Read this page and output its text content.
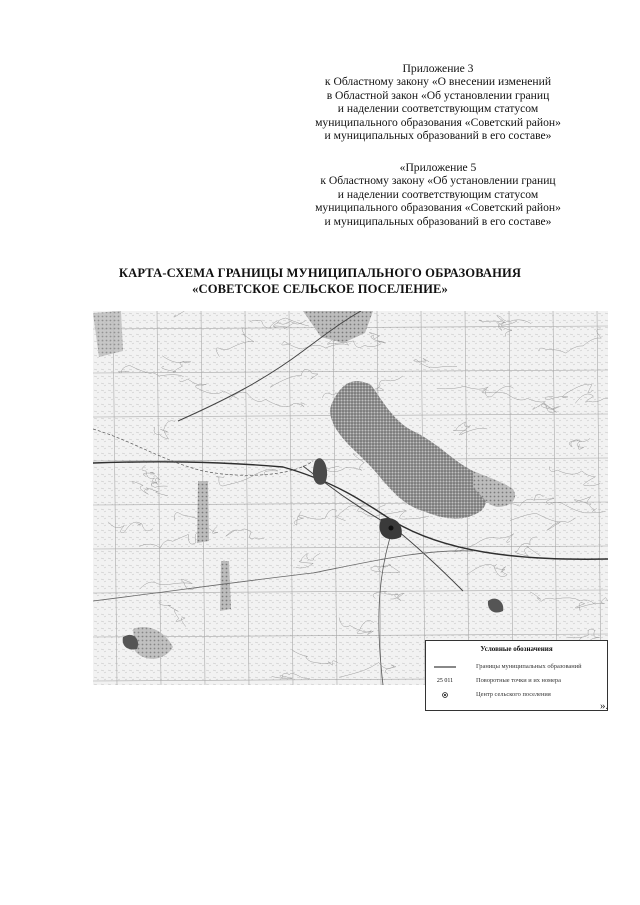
Приложение 3
к Областному закону «О внесении изменений
в Областной закон «Об установлении границ
и наделении соответствующим статусом
муниципального образования «Советский район»
и муниципальных образований в его составе»
«Приложение 5
к Областному закону «Об установлении границ
и наделении соответствующим статусом
муниципального образования «Советский район»
и муниципальных образований в его составе»
КАРТА-СХЕМА ГРАНИЦЫ МУНИЦИПАЛЬНОГО ОБРАЗОВАНИЯ
«СОВЕТСКОЕ СЕЛЬСКОЕ ПОСЕЛЕНИЕ»
Условные обозначения
Границы муниципальных образований
25 011	Поворотные точки и их номера
Центр сельского поселения
».
